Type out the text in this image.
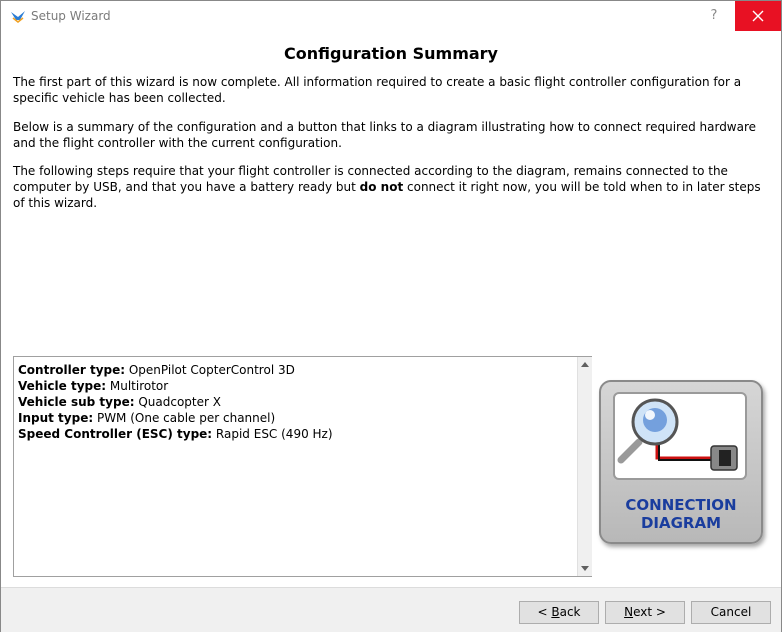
Setup Wizard	?
Configuration Summary
The first part of this wizard is now complete. All information required to create a basic flight controller configuration for a specific vehicle has been collected.
Below is a summary of the configuration and a button that links to a diagram illustrating how to connect required hardware and the flight controller with the current configuration.
The following steps require that your flight controller is connected according to the diagram, remains connected to the computer by USB, and that you have a battery ready but do not connect it right now, you will be told when to in later steps of this wizard.
Controller type: OpenPilot CopterControl 3D
Vehicle type: Multirotor
Vehicle sub type: Quadcopter X
Input type: PWM (One cable per channel)
Speed Controller (ESC) type: Rapid ESC (490 Hz)
CONNECTION
DIAGRAM
< Back	Next >	Cancel
